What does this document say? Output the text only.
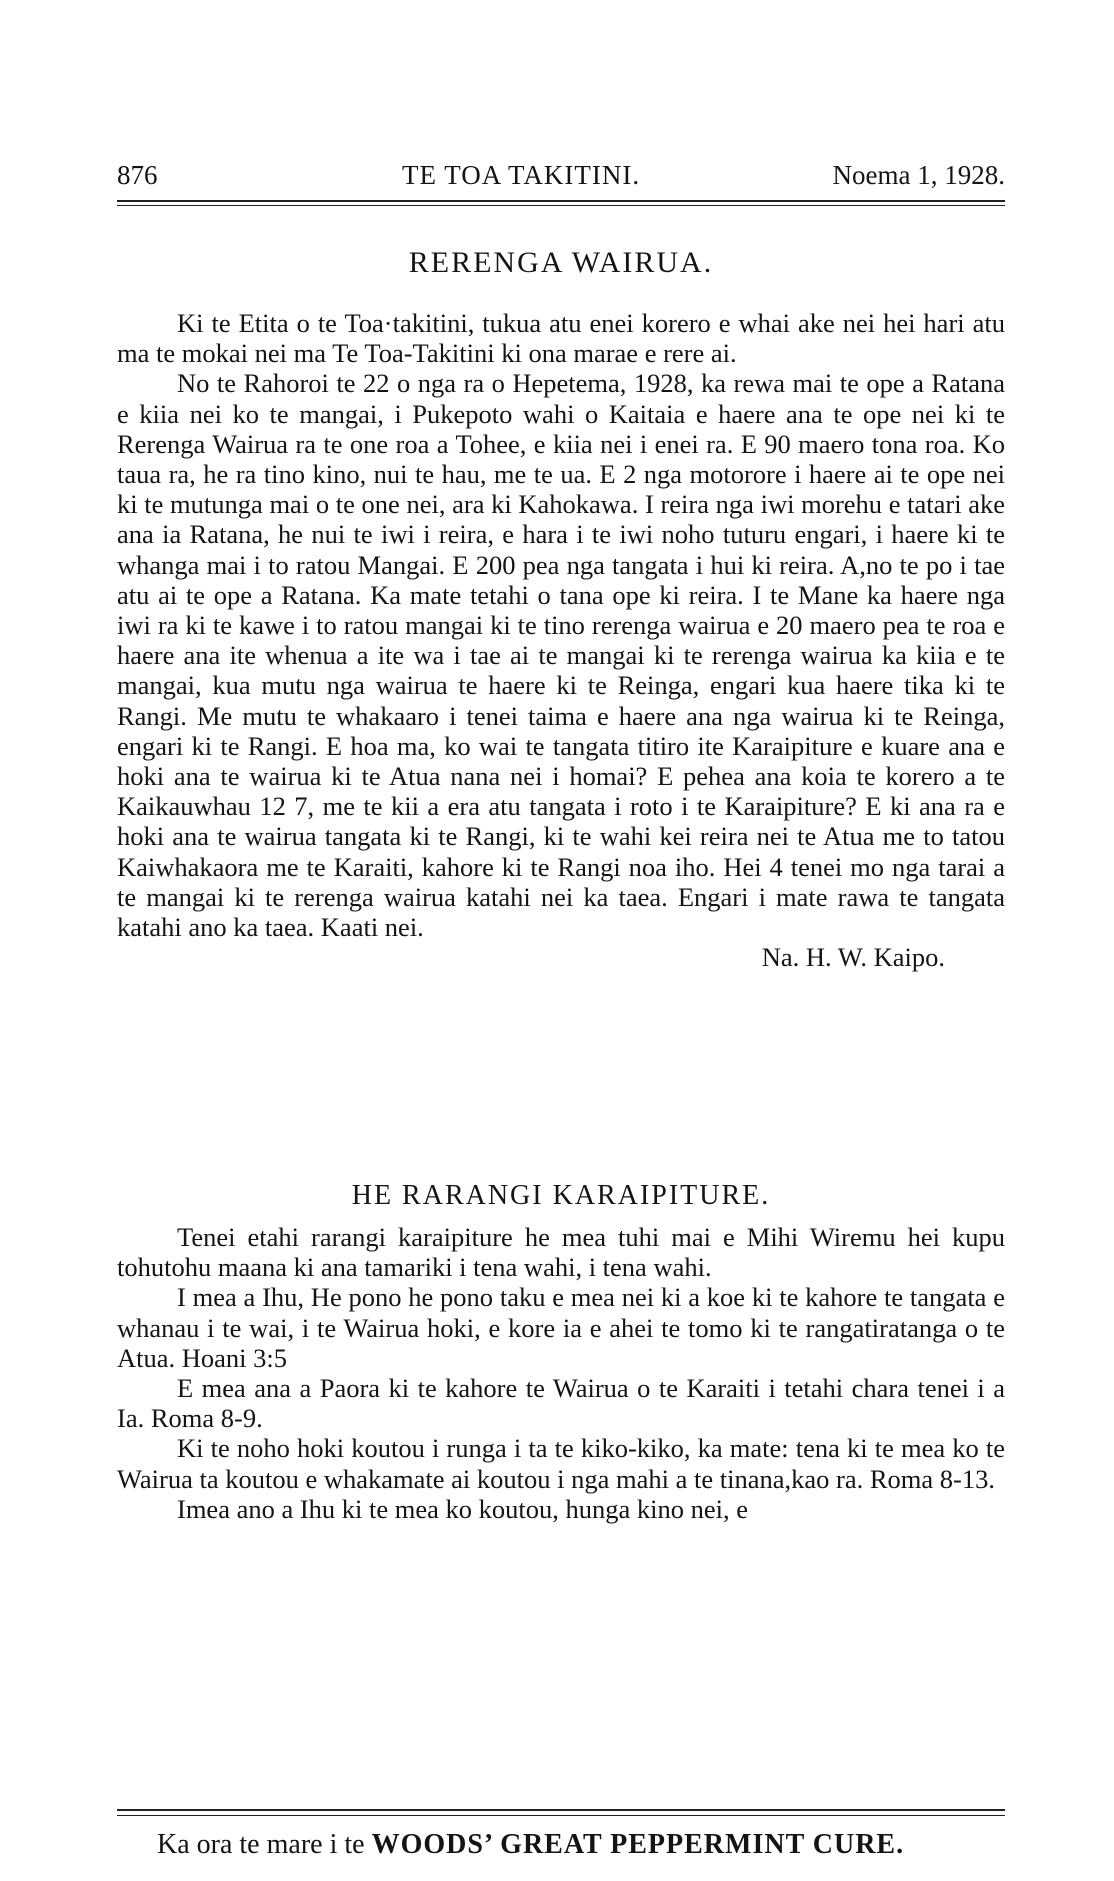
876	TE TOA TAKITINI.	Noema 1, 1928.
RERENGA WAIRUA.

Ki te Etita o te Toa·takitini, tukua atu enei korero e whai ake nei hei hari atu ma te mokai nei ma Te Toa-Takitini ki ona marae e rere ai.

No te Rahoroi te 22 o nga ra o Hepetema, 1928, ka rewa mai te ope a Ratana e kiia nei ko te mangai, i Pukepoto wahi o Kaitaia e haere ana te ope nei ki te Rerenga Wairua ra te one roa a Tohee, e kiia nei i enei ra. E 90 maero tona roa. Ko taua ra, he ra tino kino, nui te hau, me te ua. E 2 nga motorore i haere ai te ope nei ki te mutunga mai o te one nei, ara ki Kahokawa. I reira nga iwi morehu e tatari ake ana ia Ratana, he nui te iwi i reira, e hara i te iwi noho tuturu engari, i haere ki te whanga mai i to ratou Mangai. E 200 pea nga tangata i hui ki reira. A,no te po i tae atu ai te ope a Ratana. Ka mate tetahi o tana ope ki reira. I te Mane ka haere nga iwi ra ki te kawe i to ratou mangai ki te tino rerenga wairua e 20 maero pea te roa e haere ana ite whenua a ite wa i tae ai te mangai ki te rerenga wairua ka kiia e te mangai, kua mutu nga wairua te haere ki te Reinga, engari kua haere tika ki te Rangi. Me mutu te whakaaro i tenei taima e haere ana nga wairua ki te Reinga, engari ki te Rangi. E hoa ma, ko wai te tangata titiro ite Karaipiture e kuare ana e hoki ana te wairua ki te Atua nana nei i homai? E pehea ana koia te korero a te Kaikauwhau 12 7, me te kii a era atu tangata i roto i te Karaipiture? E ki ana ra e hoki ana te wairua tangata ki te Rangi, ki te wahi kei reira nei te Atua me to tatou Kaiwhakaora me te Karaiti, kahore ki te Rangi noa iho. Hei 4 tenei mo nga tarai a te mangai ki te rerenga wairua katahi nei ka taea. Engari i mate rawa te tangata katahi ano ka taea. Kaati nei.

Na. H. W. Kaipo.
HE RARANGI KARAIPITURE.

Tenei etahi rarangi karaipiture he mea tuhi mai e Mihi Wiremu hei kupu tohutohu maana ki ana tamariki i tena wahi, i tena wahi.

I mea a Ihu, He pono he pono taku e mea nei ki a koe ki te kahore te tangata e whanau i te wai, i te Wairua hoki, e kore ia e ahei te tomo ki te rangatiratanga o te Atua. Hoani 3:5

E mea ana a Paora ki te kahore te Wairua o te Karaiti i tetahi chara tenei i a Ia. Roma 8-9.

Ki te noho hoki koutou i runga i ta te kiko-kiko, ka mate: tena ki te mea ko te Wairua ta koutou e whakamate ai koutou i nga mahi a te tinana,kao ra. Roma 8-13.

Imea ano a Ihu ki te mea ko koutou, hunga kino nei, e

Ka ora te mare i te WOODS’ GREAT PEPPERMINT CURE.
